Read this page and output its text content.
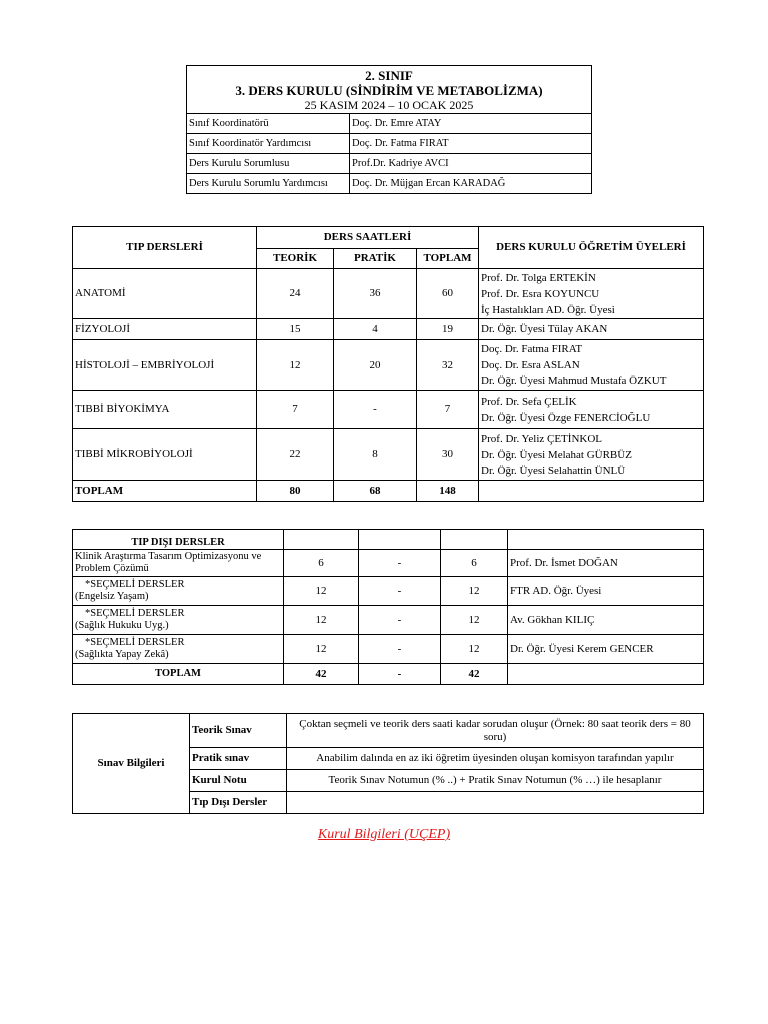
2. SINIF
3. DERS KURULU (SİNDİRİM VE METABOLİZMA)
25 KASIM 2024 – 10 OCAK 2025	

Sınıf Koordinatörü	Doç. Dr. Emre ATAY
Sınıf Koordinatör Yardımcısı	Doç. Dr. Fatma FIRAT
Ders Kurulu Sorumlusu	Prof.Dr. Kadriye AVCI
Ders Kurulu Sorumlu Yardımcısı	Doç. Dr. Müjgan Ercan KARADAĞ
TIP DERSLERİ	DERS SAATLERİ			DERS KURULU ÖĞRETİM ÜYELERİ
	TEORİK	PRATİK	TOPLAM	
ANATOMİ	24	36	60	Prof. Dr. Tolga ERTEKİN
Prof. Dr. Esra KOYUNCU
İç Hastalıkları AD. Öğr. Üyesi

FİZYOLOJİ	15	4	19	Dr. Öğr. Üyesi Tülay AKAN

HİSTOLOJİ – EMBRİYOLOJİ	12	20	32	Doç. Dr. Fatma FIRAT
Doç. Dr. Esra ASLAN
Dr. Öğr. Üyesi Mahmud Mustafa ÖZKUT

TIBBİ BİYOKİMYA	7	-	7	Prof. Dr. Sefa ÇELİK
Dr. Öğr. Üyesi Özge FENERCİOĞLU

TIBBİ MİKROBİYOLOJİ	22	8	30	Prof. Dr. Yeliz ÇETİNKOL
Dr. Öğr. Üyesi Melahat GÜRBÜZ
Dr. Öğr. Üyesi Selahattin ÜNLÜ

TOPLAM	80	68	148	
TIP DIŞI DERSLER				

Klinik Araştırma Tasarım Optimizasyonu ve
Problem Çözümü	6	-	6	Prof. Dr. İsmet DOĞAN

*SEÇMELİ DERSLER
(Engelsiz Yaşam)	12	-	12	FTR AD. Öğr. Üyesi

*SEÇMELİ DERSLER
(Sağlık Hukuku Uyg.)	12	-	12	Av. Gökhan KILIÇ

*SEÇMELİ DERSLER
(Sağlıkta Yapay Zekâ)	12	-	12	Dr. Öğr. Üyesi Kerem GENCER
TOPLAM	42	-	42	
Sınav Bilgileri	Teorik Sınav	Çoktan seçmeli ve teorik ders saati kadar sorudan oluşur (Örnek: 80 saat teorik ders = 80 soru)
	Pratik sınav	Anabilim dalında en az iki öğretim üyesinden oluşan komisyon tarafından yapılır
	Kurul Notu	Teorik Sınav Notumun (% ..) + Pratik Sınav Notumun (% …) ile hesaplanır
	Tıp Dışı Dersler	
Kurul Bilgileri (UÇEP)
